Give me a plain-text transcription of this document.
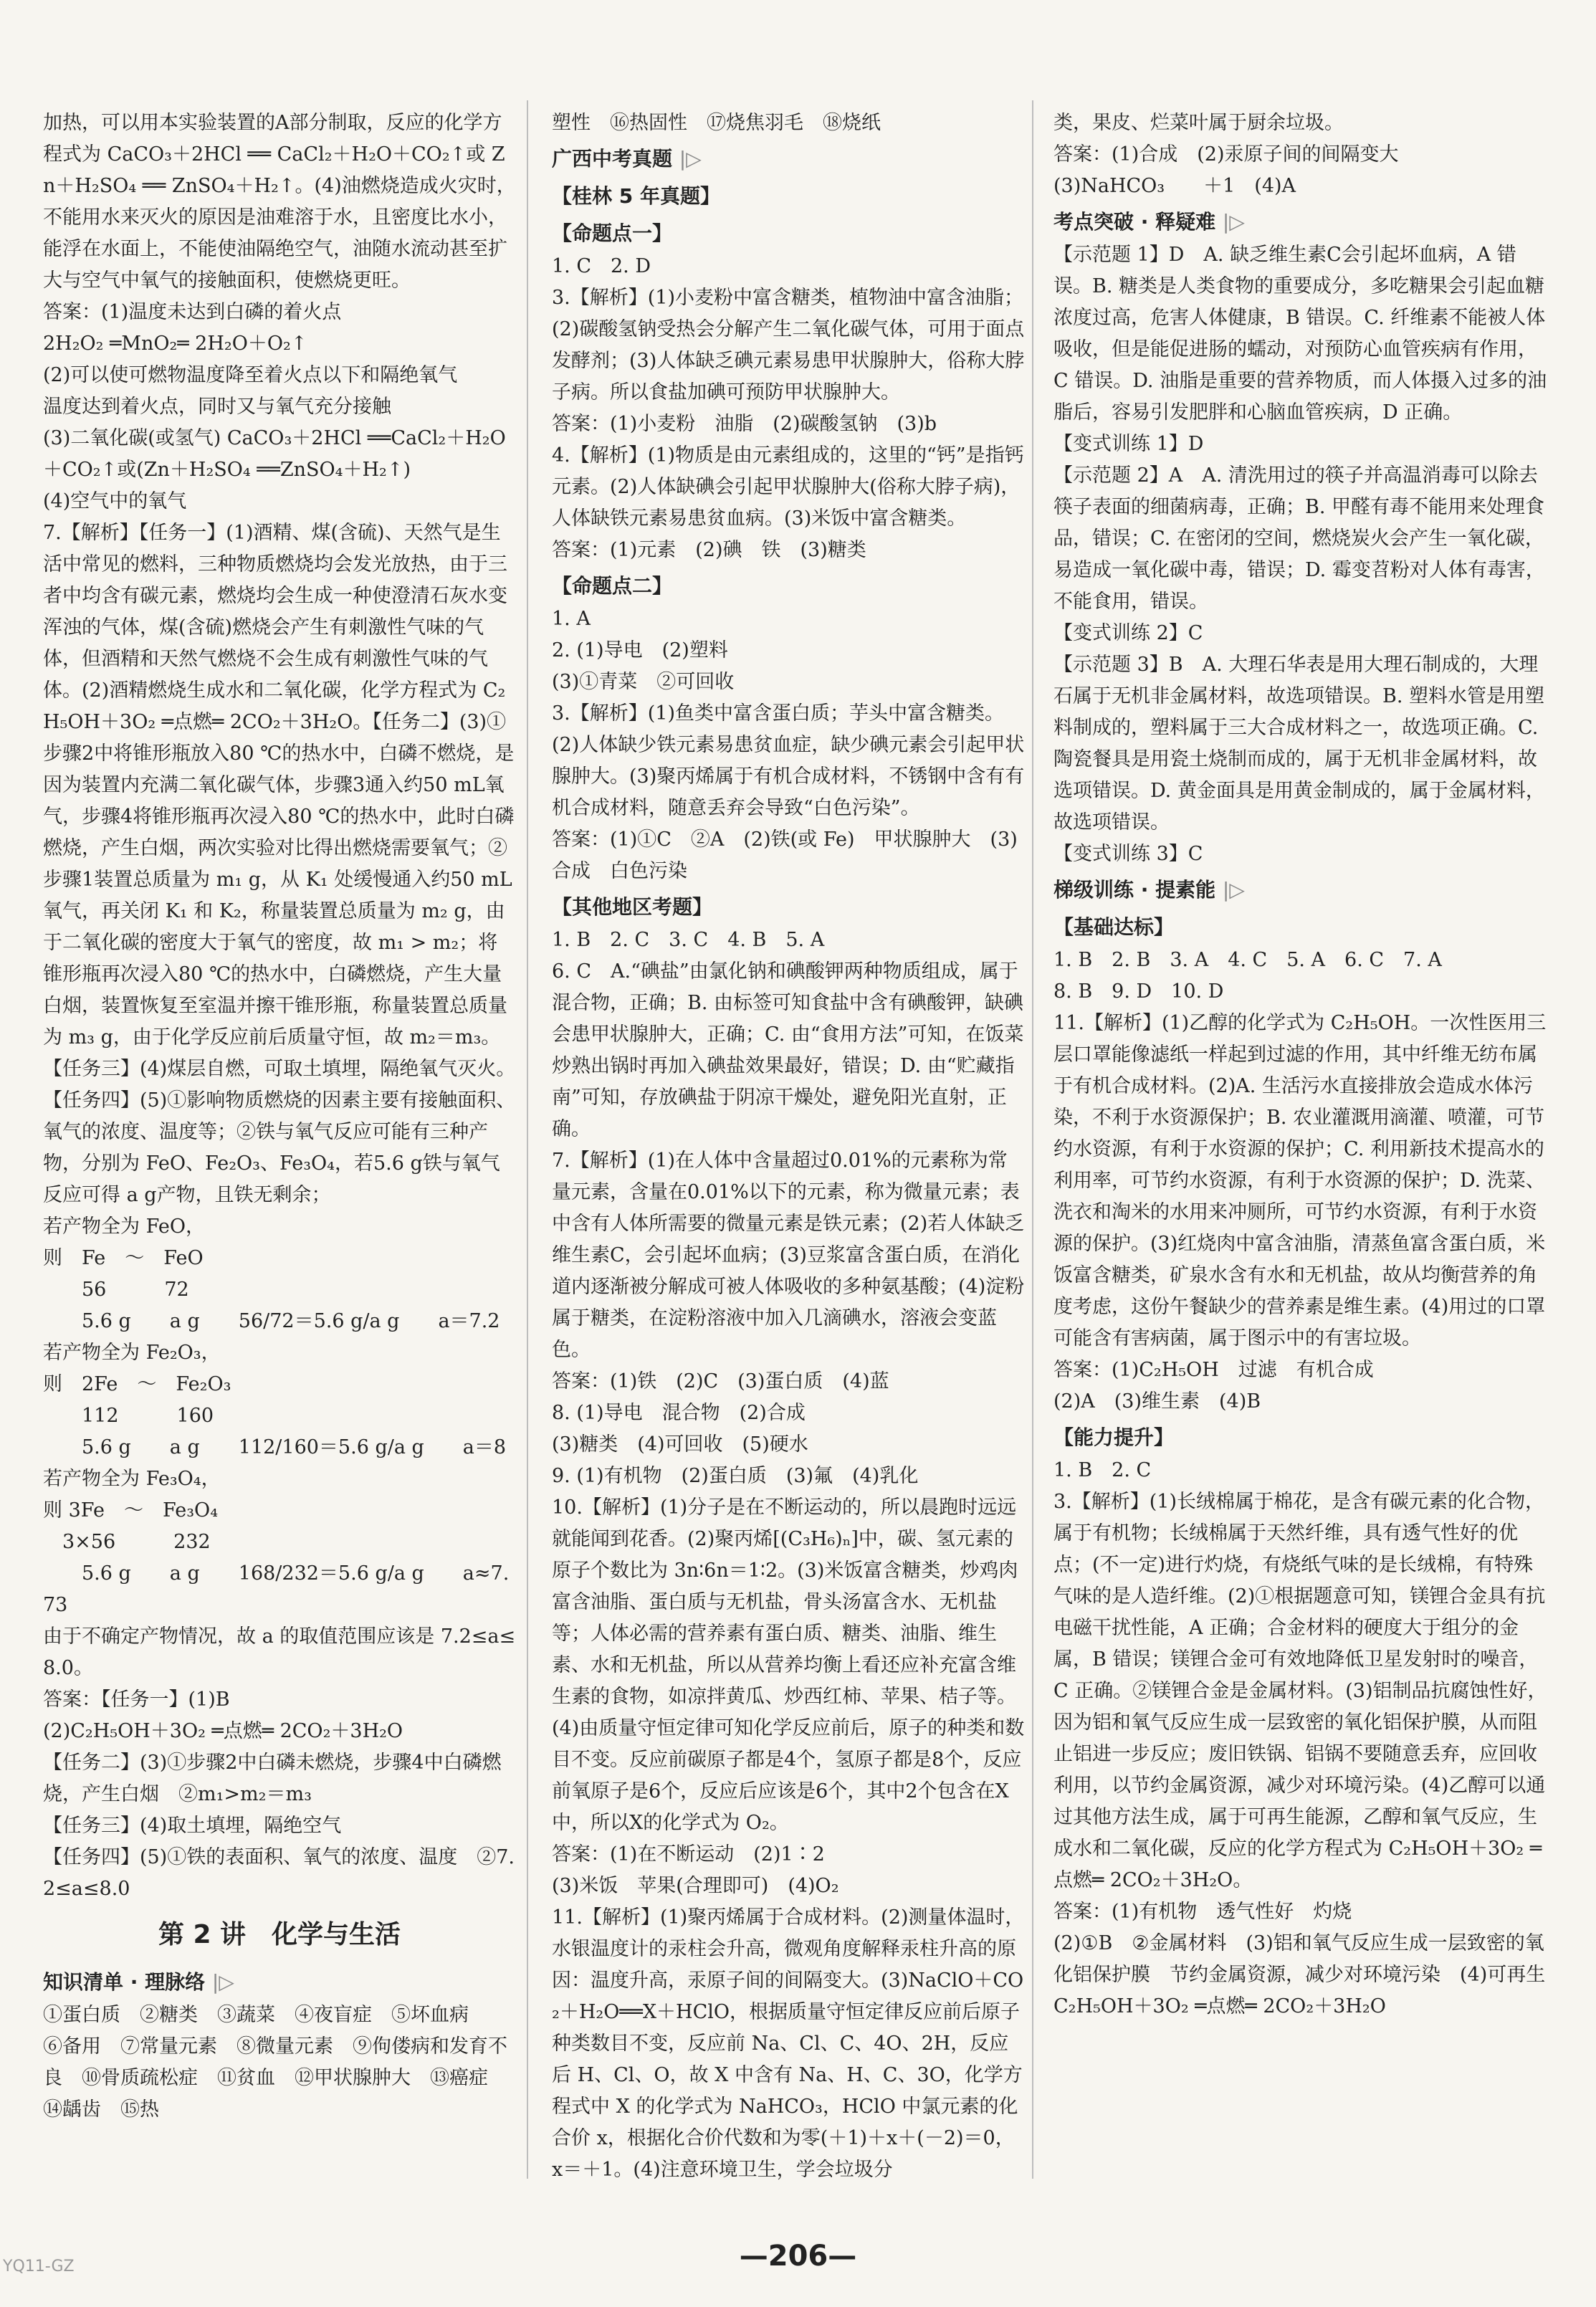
加热，可以用本实验装置的A部分制取，反应的化学方程式为 CaCO₃＋2HCl ══ CaCl₂＋H₂O＋CO₂↑或 Zn＋H₂SO₄ ══ ZnSO₄＋H₂↑。(4)油燃烧造成火灾时，不能用水来灭火的原因是油难溶于水，且密度比水小，能浮在水面上，不能使油隔绝空气，油随水流动甚至扩大与空气中氧气的接触面积，使燃烧更旺。

答案：(1)温度未达到白磷的着火点

2H₂O₂ ═MnO₂═ 2H₂O＋O₂↑

(2)可以使可燃物温度降至着火点以下和隔绝氧气

温度达到着火点，同时又与氧气充分接触

(3)二氧化碳(或氢气) CaCO₃＋2HCl ══CaCl₂＋H₂O＋CO₂↑或(Zn＋H₂SO₄ ══ZnSO₄＋H₂↑)

(4)空气中的氧气

7.【解析】【任务一】(1)酒精、煤(含硫)、天然气是生活中常见的燃料，三种物质燃烧均会发光放热，由于三者中均含有碳元素，燃烧均会生成一种使澄清石灰水变浑浊的气体，煤(含硫)燃烧会产生有刺激性气味的气体，但酒精和天然气燃烧不会生成有刺激性气味的气体。(2)酒精燃烧生成水和二氧化碳，化学方程式为 C₂H₅OH＋3O₂ ═点燃═ 2CO₂＋3H₂O。【任务二】(3)①步骤2中将锥形瓶放入80 ℃的热水中，白磷不燃烧，是因为装置内充满二氧化碳气体，步骤3通入约50 mL氧气，步骤4将锥形瓶再次浸入80 ℃的热水中，此时白磷燃烧，产生白烟，两次实验对比得出燃烧需要氧气；②步骤1装置总质量为 m₁ g，从 K₁ 处缓慢通入约50 mL氧气，再关闭 K₁ 和 K₂，称量装置总质量为 m₂ g，由于二氧化碳的密度大于氧气的密度，故 m₁ > m₂；将锥形瓶再次浸入80 ℃的热水中，白磷燃烧，产生大量白烟，装置恢复至室温并擦干锥形瓶，称量装置总质量为 m₃ g，由于化学反应前后质量守恒，故 m₂＝m₃。【任务三】(4)煤层自燃，可取土填埋，隔绝氧气灭火。【任务四】(5)①影响物质燃烧的因素主要有接触面积、氧气的浓度、温度等；②铁与氧气反应可能有三种产物，分别为 FeO、Fe₂O₃、Fe₃O₄，若5.6 g铁与氧气反应可得 a g产物，且铁无剩余；

若产物全为 FeO，

则　Fe　～　FeO

　　56　　　72

　　5.6 g　　a g　　56/72＝5.6 g/a g　　a＝7.2

若产物全为 Fe₂O₃，

则　2Fe　～　Fe₂O₃

　　112　　　160

　　5.6 g　　a g　　112/160＝5.6 g/a g　　a＝8

若产物全为 Fe₃O₄，

则 3Fe　～　Fe₃O₄

　3×56　　　232

　　5.6 g　　a g　　168/232＝5.6 g/a g　　a≈7.73

由于不确定产物情况，故 a 的取值范围应该是 7.2≤a≤8.0。

答案：【任务一】(1)B

(2)C₂H₅OH＋3O₂ ═点燃═ 2CO₂＋3H₂O

【任务二】(3)①步骤2中白磷未燃烧，步骤4中白磷燃烧，产生白烟　②m₁>m₂＝m₃

【任务三】(4)取土填埋，隔绝空气

【任务四】(5)①铁的表面积、氧气的浓度、温度　②7.2≤a≤8.0

第 2 讲　化学与生活
知识清单 · 理脉络 |▷

①蛋白质　②糖类　③蔬菜　④夜盲症　⑤坏血病

⑥备用　⑦常量元素　⑧微量元素　⑨佝偻病和发育不良　⑩骨质疏松症　⑪贫血　⑫甲状腺肿大　⑬癌症　⑭龋齿　⑮热

塑性　⑯热固性　⑰烧焦羽毛　⑱烧纸

广西中考真题 |▷
【桂林 5 年真题】
【命题点一】

1. C　2. D

3.【解析】(1)小麦粉中富含糖类，植物油中富含油脂；(2)碳酸氢钠受热会分解产生二氧化碳气体，可用于面点发酵剂；(3)人体缺乏碘元素易患甲状腺肿大，俗称大脖子病。所以食盐加碘可预防甲状腺肿大。

答案：(1)小麦粉　油脂　(2)碳酸氢钠　(3)b

4.【解析】(1)物质是由元素组成的，这里的“钙”是指钙元素。(2)人体缺碘会引起甲状腺肿大(俗称大脖子病)，人体缺铁元素易患贫血病。(3)米饭中富含糖类。

答案：(1)元素　(2)碘　铁　(3)糖类

【命题点二】

1. A

2. (1)导电　(2)塑料

(3)①青菜　②可回收

3.【解析】(1)鱼类中富含蛋白质；芋头中富含糖类。(2)人体缺少铁元素易患贫血症，缺少碘元素会引起甲状腺肿大。(3)聚丙烯属于有机合成材料，不锈钢中含有有机合成材料，随意丢弃会导致“白色污染”。

答案：(1)①C　②A　(2)铁(或 Fe)　甲状腺肿大　(3)合成　白色污染

【其他地区考题】

1. B　2. C　3. C　4. B　5. A

6. C　A.“碘盐”由氯化钠和碘酸钾两种物质组成，属于混合物，正确；B. 由标签可知食盐中含有碘酸钾，缺碘会患甲状腺肿大，正确；C. 由“食用方法”可知，在饭菜炒熟出锅时再加入碘盐效果最好，错误；D. 由“贮藏指南”可知，存放碘盐于阴凉干燥处，避免阳光直射，正确。

7.【解析】(1)在人体中含量超过0.01%的元素称为常量元素，含量在0.01%以下的元素，称为微量元素；表中含有人体所需要的微量元素是铁元素；(2)若人体缺乏维生素C，会引起坏血病；(3)豆浆富含蛋白质，在消化道内逐渐被分解成可被人体吸收的多种氨基酸；(4)淀粉属于糖类，在淀粉溶液中加入几滴碘水，溶液会变蓝色。

答案：(1)铁　(2)C　(3)蛋白质　(4)蓝

8. (1)导电　混合物　(2)合成

(3)糖类　(4)可回收　(5)硬水

9. (1)有机物　(2)蛋白质　(3)氟　(4)乳化

10.【解析】(1)分子是在不断运动的，所以晨跑时远远就能闻到花香。(2)聚丙烯[(C₃H₆)ₙ]中，碳、氢元素的原子个数比为 3n∶6n＝1∶2。(3)米饭富含糖类，炒鸡肉富含油脂、蛋白质与无机盐，骨头汤富含水、无机盐等；人体必需的营养素有蛋白质、糖类、油脂、维生素、水和无机盐，所以从营养均衡上看还应补充富含维生素的食物，如凉拌黄瓜、炒西红柿、苹果、桔子等。(4)由质量守恒定律可知化学反应前后，原子的种类和数目不变。反应前碳原子都是4个，氢原子都是8个，反应前氧原子是6个，反应后应该是6个，其中2个包含在X中，所以X的化学式为 O₂。

答案：(1)在不断运动　(2)1∶2

(3)米饭　苹果(合理即可)　(4)O₂

11.【解析】(1)聚丙烯属于合成材料。(2)测量体温时，水银温度计的汞柱会升高，微观角度解释汞柱升高的原因：温度升高，汞原子间的间隔变大。(3)NaClO＋CO₂＋H₂O══X＋HClO，根据质量守恒定律反应前后原子种类数目不变，反应前 Na、Cl、C、4O、2H，反应后 H、Cl、O，故 X 中含有 Na、H、C、3O，化学方程式中 X 的化学式为 NaHCO₃，HClO 中氯元素的化合价 x，根据化合价代数和为零(＋1)＋x＋(－2)＝0，x＝＋1。(4)注意环境卫生，学会垃圾分

类，果皮、烂菜叶属于厨余垃圾。

答案：(1)合成　(2)汞原子间的间隔变大

(3)NaHCO₃　　＋1　(4)A

考点突破 · 释疑难 |▷

【示范题 1】D　A. 缺乏维生素C会引起坏血病，A 错误。B. 糖类是人类食物的重要成分，多吃糖果会引起血糖浓度过高，危害人体健康，B 错误。C. 纤维素不能被人体吸收，但是能促进肠的蠕动，对预防心血管疾病有作用，C 错误。D. 油脂是重要的营养物质，而人体摄入过多的油脂后，容易引发肥胖和心脑血管疾病，D 正确。

【变式训练 1】D

【示范题 2】A　A. 清洗用过的筷子并高温消毒可以除去筷子表面的细菌病毒，正确；B. 甲醛有毒不能用来处理食品，错误；C. 在密闭的空间，燃烧炭火会产生一氧化碳，易造成一氧化碳中毒，错误；D. 霉变苕粉对人体有毒害，不能食用，错误。

【变式训练 2】C

【示范题 3】B　A. 大理石华表是用大理石制成的，大理石属于无机非金属材料，故选项错误。B. 塑料水管是用塑料制成的，塑料属于三大合成材料之一，故选项正确。C. 陶瓷餐具是用瓷土烧制而成的，属于无机非金属材料，故选项错误。D. 黄金面具是用黄金制成的，属于金属材料，故选项错误。

【变式训练 3】C

梯级训练 · 提素能 |▷
【基础达标】

1. B　2. B　3. A　4. C　5. A　6. C　7. A

8. B　9. D　10. D

11.【解析】(1)乙醇的化学式为 C₂H₅OH。一次性医用三层口罩能像滤纸一样起到过滤的作用，其中纤维无纺布属于有机合成材料。(2)A. 生活污水直接排放会造成水体污染，不利于水资源保护；B. 农业灌溉用滴灌、喷灌，可节约水资源，有利于水资源的保护；C. 利用新技术提高水的利用率，可节约水资源，有利于水资源的保护；D. 洗菜、洗衣和淘米的水用来冲厕所，可节约水资源，有利于水资源的保护。(3)红烧肉中富含油脂，清蒸鱼富含蛋白质，米饭富含糖类，矿泉水含有水和无机盐，故从均衡营养的角度考虑，这份午餐缺少的营养素是维生素。(4)用过的口罩可能含有害病菌，属于图示中的有害垃圾。

答案：(1)C₂H₅OH　过滤　有机合成

(2)A　(3)维生素　(4)B

【能力提升】

1. B　2. C

3.【解析】(1)长绒棉属于棉花，是含有碳元素的化合物，属于有机物；长绒棉属于天然纤维，具有透气性好的优点；(不一定)进行灼烧，有烧纸气味的是长绒棉，有特殊气味的是人造纤维。(2)①根据题意可知，镁锂合金具有抗电磁干扰性能，A 正确；合金材料的硬度大于组分的金属，B 错误；镁锂合金可有效地降低卫星发射时的噪音，C 正确。②镁锂合金是金属材料。(3)铝制品抗腐蚀性好，因为铝和氧气反应生成一层致密的氧化铝保护膜，从而阻止铝进一步反应；废旧铁锅、铝锅不要随意丢弃，应回收利用，以节约金属资源，减少对环境污染。(4)乙醇可以通过其他方法生成，属于可再生能源，乙醇和氧气反应，生成水和二氧化碳，反应的化学方程式为 C₂H₅OH＋3O₂ ═点燃═ 2CO₂＋3H₂O。

答案：(1)有机物　透气性好　灼烧

(2)①B　②金属材料　(3)铝和氧气反应生成一层致密的氧化铝保护膜　节约金属资源，减少对环境污染　(4)可再生

C₂H₅OH＋3O₂ ═点燃═ 2CO₂＋3H₂O

—206—
YQ11-GZ
